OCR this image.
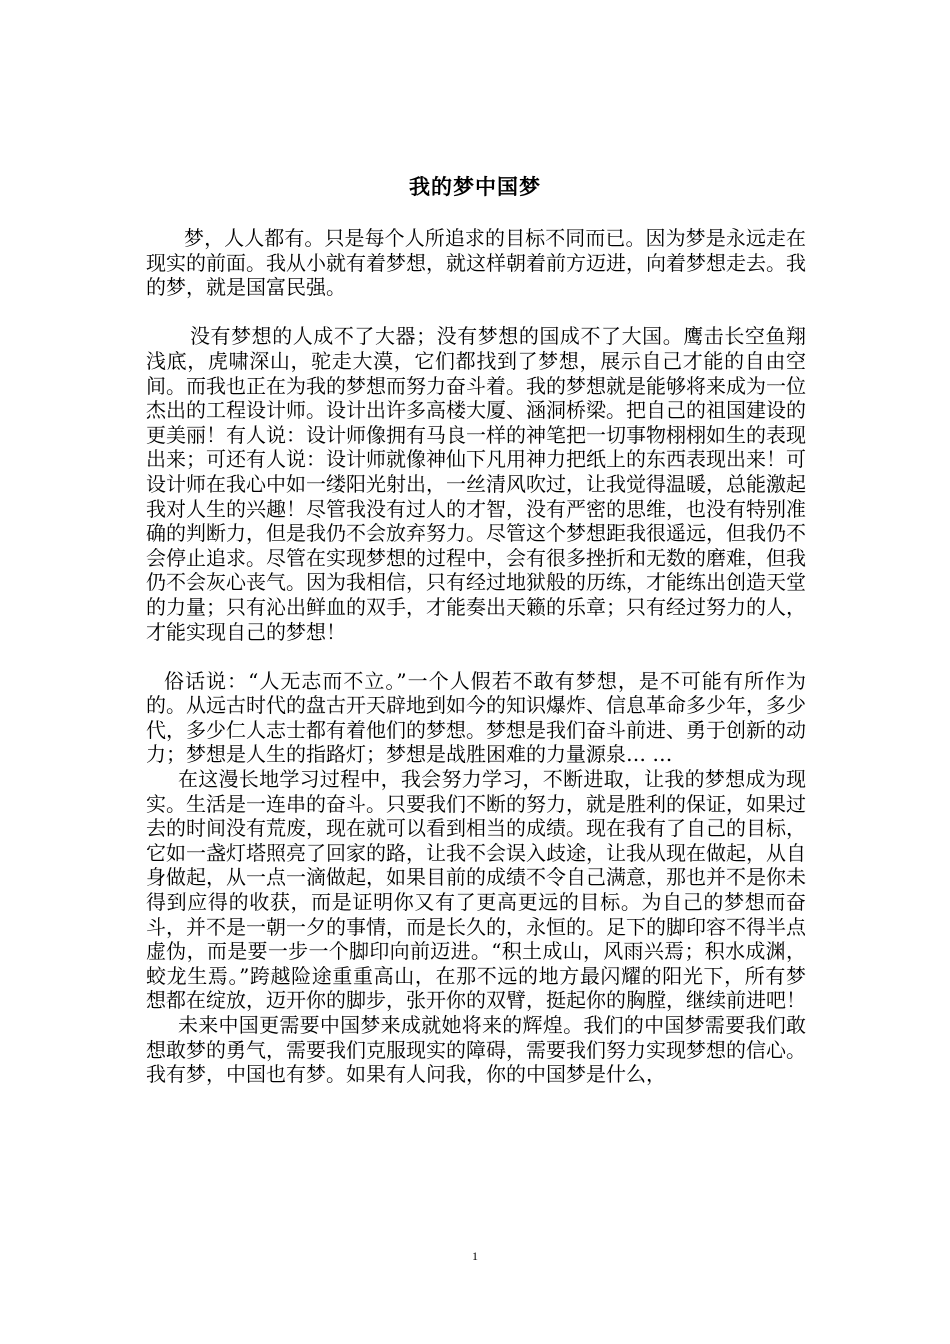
我的梦中国梦

梦，人人都有。只是每个人所追求的目标不同而已。因为梦是永远走在现实的前面。我从小就有着梦想，就这样朝着前方迈进，向着梦想走去。我的梦，就是国富民强。

没有梦想的人成不了大器；没有梦想的国成不了大国。鹰击长空鱼翔浅底，虎啸深山，驼走大漠，它们都找到了梦想，展示自己才能的自由空间。而我也正在为我的梦想而努力奋斗着。我的梦想就是能够将来成为一位杰出的工程设计师。设计出许多高楼大厦、涵洞桥梁。把自己的祖国建设的更美丽！有人说：设计师像拥有马良一样的神笔把一切事物栩栩如生的表现出来；可还有人说：设计师就像神仙下凡用神力把纸上的东西表现出来！可设计师在我心中如一缕阳光射出，一丝清风吹过，让我觉得温暖，总能激起我对人生的兴趣！尽管我没有过人的才智，没有严密的思维，也没有特别准确的判断力，但是我仍不会放弃努力。尽管这个梦想距我很遥远，但我仍不会停止追求。尽管在实现梦想的过程中，会有很多挫折和无数的磨难，但我仍不会灰心丧气。因为我相信，只有经过地狱般的历练，才能练出创造天堂的力量；只有沁出鲜血的双手，才能奏出天籁的乐章；只有经过努力的人，才能实现自己的梦想！

俗话说：“人无志而不立。”一个人假若不敢有梦想，是不可能有所作为的。从远古时代的盘古开天辟地到如今的知识爆炸、信息革命多少年，多少代，多少仁人志士都有着他们的梦想。梦想是我们奋斗前进、勇于创新的动力；梦想是人生的指路灯；梦想是战胜困难的力量源泉… …

在这漫长地学习过程中，我会努力学习，不断进取，让我的梦想成为现实。生活是一连串的奋斗。只要我们不断的努力，就是胜利的保证，如果过去的时间没有荒废，现在就可以看到相当的成绩。现在我有了自己的目标，它如一盏灯塔照亮了回家的路，让我不会误入歧途，让我从现在做起，从自身做起，从一点一滴做起，如果目前的成绩不令自己满意，那也并不是你未得到应得的收获，而是证明你又有了更高更远的目标。为自己的梦想而奋斗，并不是一朝一夕的事情，而是长久的，永恒的。足下的脚印容不得半点虚伪，而是要一步一个脚印向前迈进。“积土成山，风雨兴焉；积水成渊，蛟龙生焉。”跨越险途重重高山，在那不远的地方最闪耀的阳光下，所有梦想都在绽放，迈开你的脚步，张开你的双臂，挺起你的胸膛，继续前进吧！

未来中国更需要中国梦来成就她将来的辉煌。我们的中国梦需要我们敢想敢梦的勇气，需要我们克服现实的障碍，需要我们努力实现梦想的信心。我有梦，中国也有梦。如果有人问我，你的中国梦是什么，

1
